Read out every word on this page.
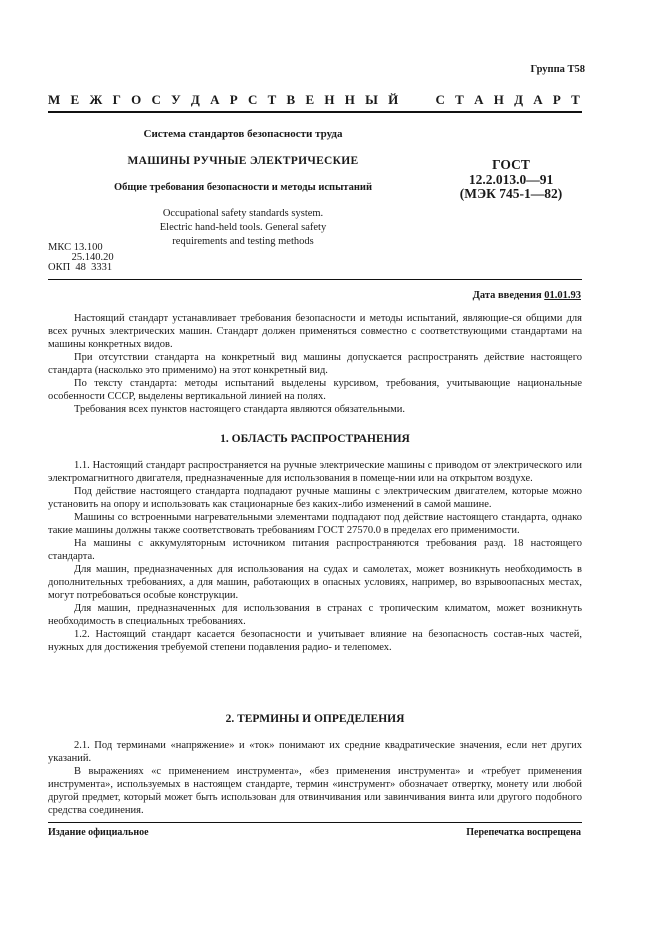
Группа Т58
М Е Ж Г О С У Д А Р С Т В Е Н Н Ы Й

	С Т А Н Д А Р Т
Система стандартов безопасности труда
МАШИНЫ РУЧНЫЕ ЭЛЕКТРИЧЕСКИЕ
Общие требования безопасности и методы испытаний
Occupational safety standards system.
Electric hand-held tools. General safety
requirements and testing methods
ГОСТ
12.2.013.0—91
(МЭК 745-1—82)
МКС 13.100
25.140.20
ОКП  48  3331
Дата введения 01.01.93

Настоящий стандарт устанавливает требования безопасности и методы испытаний, являющие-ся общими для всех ручных электрических машин. Стандарт должен применяться совместно с соответствующими стандартами на машины конкретных видов.

При отсутствии стандарта на конкретный вид машины допускается распространять действие настоящего стандарта (насколько это применимо) на этот конкретный вид.

По тексту стандарта: методы испытаний выделены курсивом, требования, учитывающие национальные особенности СССР, выделены вертикальной линией на полях.

Требования всех пунктов настоящего стандарта являются обязательными.

1. ОБЛАСТЬ РАСПРОСТРАНЕНИЯ

1.1. Настоящий стандарт распространяется на ручные электрические машины с приводом от электрического или электромагнитного двигателя, предназначенные для использования в помеще-нии или на открытом воздухе.

Под действие настоящего стандарта подпадают ручные машины с электрическим двигателем, которые можно установить на опору и использовать как стационарные без каких-либо изменений в самой машине.

Машины со встроенными нагревательными элементами подпадают под действие настоящего стандарта, однако такие машины должны также соответствовать требованиям ГОСТ 27570.0 в пределах его применимости.

На машины с аккумуляторным источником питания распространяются требования разд. 18 настоящего стандарта.

Для машин, предназначенных для использования на судах и самолетах, может возникнуть необходимость в дополнительных требованиях, а для машин, работающих в опасных условиях, например, во взрывоопасных местах, могут потребоваться особые конструкции.

Для машин, предназначенных для использования в странах с тропическим климатом, может возникнуть необходимость в специальных требованиях.

1.2. Настоящий стандарт касается безопасности и учитывает влияние на безопасность состав-ных частей, нужных для достижения требуемой степени подавления радио- и телепомех.

2. ТЕРМИНЫ И ОПРЕДЕЛЕНИЯ

2.1. Под терминами «напряжение» и «ток» понимают их средние квадратические значения, если нет других указаний.

В выражениях «с применением инструмента», «без применения инструмента» и «требует применения инструмента», используемых в настоящем стандарте, термин «инструмент» обозначает отвертку, монету или любой другой предмет, который может быть использован для отвинчивания или завинчивания винта или другого подобного средства соединения.

Издание официальное	Перепечатка воспрещена
